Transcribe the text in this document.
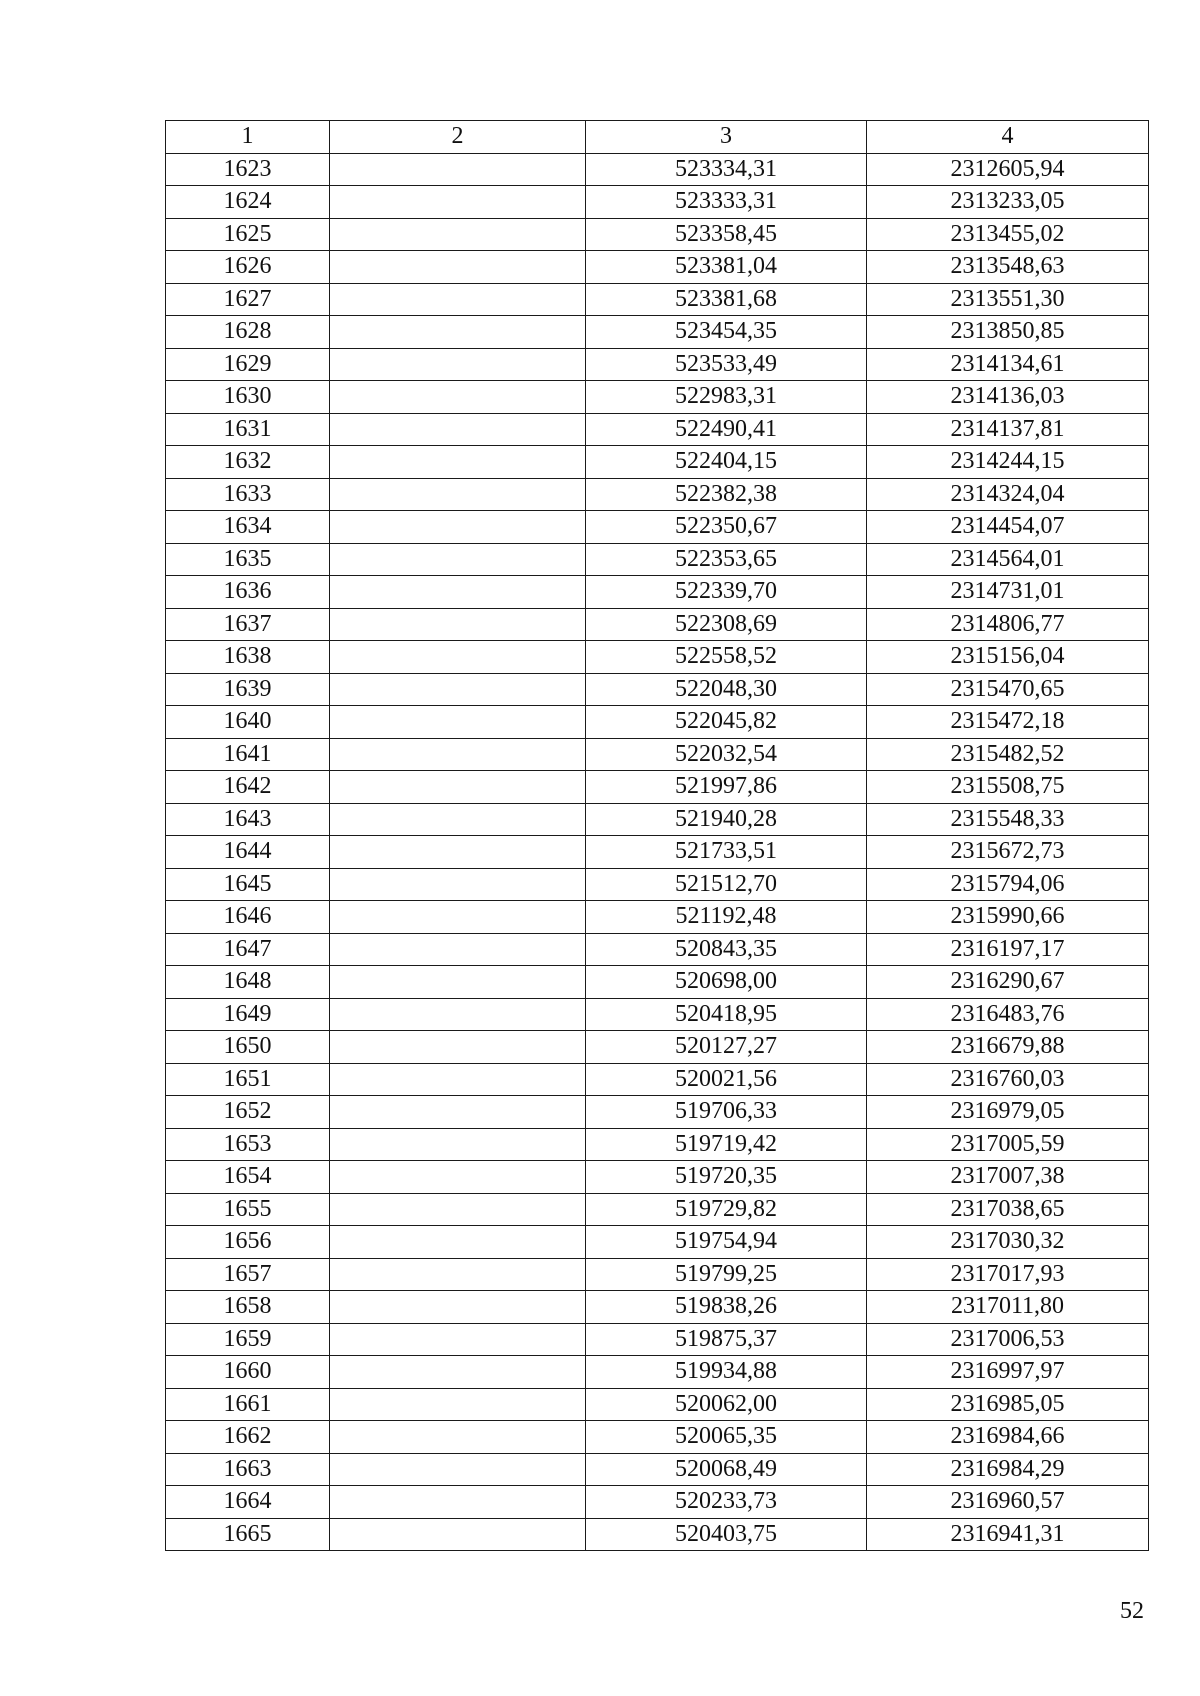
1	2	3	4
1623		523334,31	2312605,94
1624		523333,31	2313233,05
1625		523358,45	2313455,02
1626		523381,04	2313548,63
1627		523381,68	2313551,30
1628		523454,35	2313850,85
1629		523533,49	2314134,61
1630		522983,31	2314136,03
1631		522490,41	2314137,81
1632		522404,15	2314244,15
1633		522382,38	2314324,04
1634		522350,67	2314454,07
1635		522353,65	2314564,01
1636		522339,70	2314731,01
1637		522308,69	2314806,77
1638		522558,52	2315156,04
1639		522048,30	2315470,65
1640		522045,82	2315472,18
1641		522032,54	2315482,52
1642		521997,86	2315508,75
1643		521940,28	2315548,33
1644		521733,51	2315672,73
1645		521512,70	2315794,06
1646		521192,48	2315990,66
1647		520843,35	2316197,17
1648		520698,00	2316290,67
1649		520418,95	2316483,76
1650		520127,27	2316679,88
1651		520021,56	2316760,03
1652		519706,33	2316979,05
1653		519719,42	2317005,59
1654		519720,35	2317007,38
1655		519729,82	2317038,65
1656		519754,94	2317030,32
1657		519799,25	2317017,93
1658		519838,26	2317011,80
1659		519875,37	2317006,53
1660		519934,88	2316997,97
1661		520062,00	2316985,05
1662		520065,35	2316984,66
1663		520068,49	2316984,29
1664		520233,73	2316960,57
1665		520403,75	2316941,31
52
